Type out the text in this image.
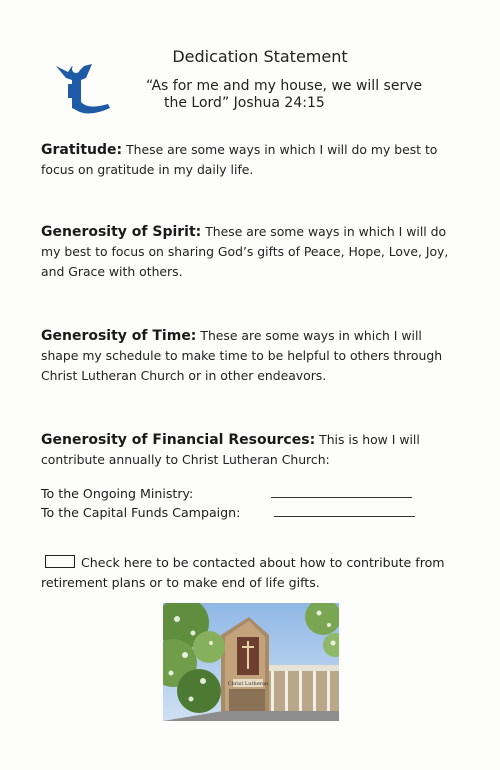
Dedication Statement
“As for me and my house, we will serve
the Lord” Joshua 24:15
Gratitude: These are some ways in which I will do my best to focus on gratitude in my daily life.
Generosity of Spirit: These are some ways in which I will do my best to focus on sharing God’s gifts of Peace, Hope, Love, Joy, and Grace with others.
Generosity of Time: These are some ways in which I will shape my schedule to make time to be helpful to others through Christ Lutheran Church or in other endeavors.
Generosity of Financial Resources: This is how I will contribute annually to Christ Lutheran Church:
To the Ongoing Ministry:
To the Capital Funds Campaign:
Check here to be contacted about how to contribute from retirement plans or to make end of life gifts.
Christ Lutheran
